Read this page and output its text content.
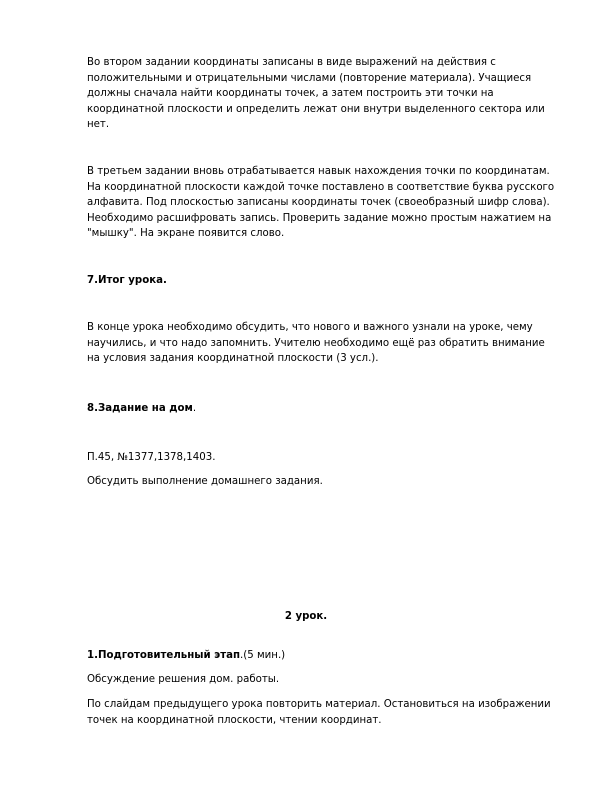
Во втором задании координаты записаны в виде выражений на действия с положительными и отрицательными числами (повторение материала). Учащиеся должны сначала найти координаты точек, а затем построить эти точки на координатной плоскости и определить лежат они внутри выделенного сектора или нет.

В третьем задании вновь отрабатывается навык нахождения точки по координатам. На координатной плоскости каждой точке поставлено в соответствие буква русского алфавита. Под плоскостью записаны координаты точек (своеобразный шифр слова). Необходимо расшифровать запись. Проверить задание можно простым нажатием на "мышку". На экране появится слово.

7.Итог урока.

В конце урока необходимо обсудить, что нового и важного узнали на уроке, чему научились, и что надо запомнить. Учителю необходимо ещё раз обратить внимание на условия задания координатной плоскости (3 усл.).

8.Задание на дом.

П.45, №1377,1378,1403.

Обсудить выполнение домашнего задания.

2 урок.

1.Подготовительный этап.(5 мин.)

Обсуждение решения дом. работы.

По слайдам предыдущего урока повторить материал. Остановиться на изображении точек на координатной плоскости, чтении координат.
